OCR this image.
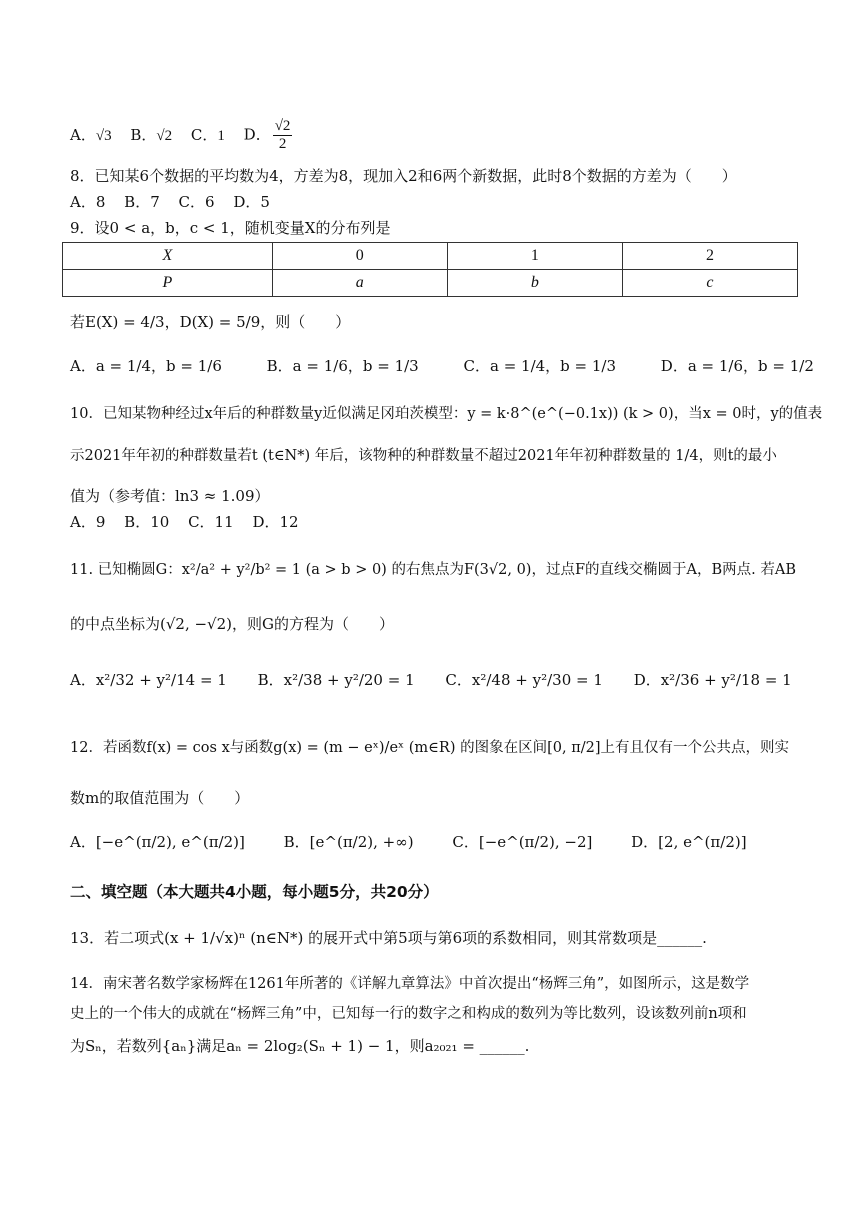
A．√3 B．√2 C．1 D． $\frac{√2}{2}$
8．已知某6个数据的平均数为4，方差为8，现加入2和6两个新数据，此时8个数据的方差为（　　）
A．8 B．7 C．6 D．5
9．设0 < a，b，c < 1，随机变量X的分布列是
X	0	1	2
P	a	b	c
若E(X) = 4/3，D(X) = 5/9，则（　　）
A．a = 1/4，b = 1/6	B．a = 1/6，b = 1/3	C．a = 1/4，b = 1/3	D．a = 1/6，b = 1/2
10．已知某物种经过x年后的种群数量y近似满足冈珀茨模型：y = k·8^(e^(−0.1x)) (k > 0)，当x = 0时，y的值表
示2021年年初的种群数量若t (t∈N*) 年后，该物种的种群数量不超过2021年年初种群数量的 1/4，则t的最小
值为（参考值：ln3 ≈ 1.09）
A．9 B．10 C．11 D．12
11. 已知椭圆G：x²/a² + y²/b² = 1 (a > b > 0) 的右焦点为F(3√2, 0)，过点F的直线交椭圆于A，B两点. 若AB
的中点坐标为(√2, −√2)，则G的方程为（　　）
A．x²/32 + y²/14 = 1 B．x²/38 + y²/20 = 1 C．x²/48 + y²/30 = 1 D．x²/36 + y²/18 = 1
12．若函数f(x) = cos x与函数g(x) = (m − eˣ)/eˣ (m∈R) 的图象在区间[0, π/2]上有且仅有一个公共点，则实
数m的取值范围为（　　）
A．[−e^(π/2), e^(π/2)]	B．[e^(π/2), +∞)	C．[−e^(π/2), −2]	D．[2, e^(π/2)]
二、填空题（本大题共4小题，每小题5分，共20分）
13．若二项式(x + 1/√x)ⁿ (n∈N*) 的展开式中第5项与第6项的系数相同，则其常数项是______.
14．南宋著名数学家杨辉在1261年所著的《详解九章算法》中首次提出“杨辉三角”，如图所示，这是数学
史上的一个伟大的成就在“杨辉三角”中，已知每一行的数字之和构成的数列为等比数列，设该数列前n项和
为Sₙ，若数列{aₙ}满足aₙ = 2log₂(Sₙ + 1) − 1，则a₂₀₂₁ = ______.
